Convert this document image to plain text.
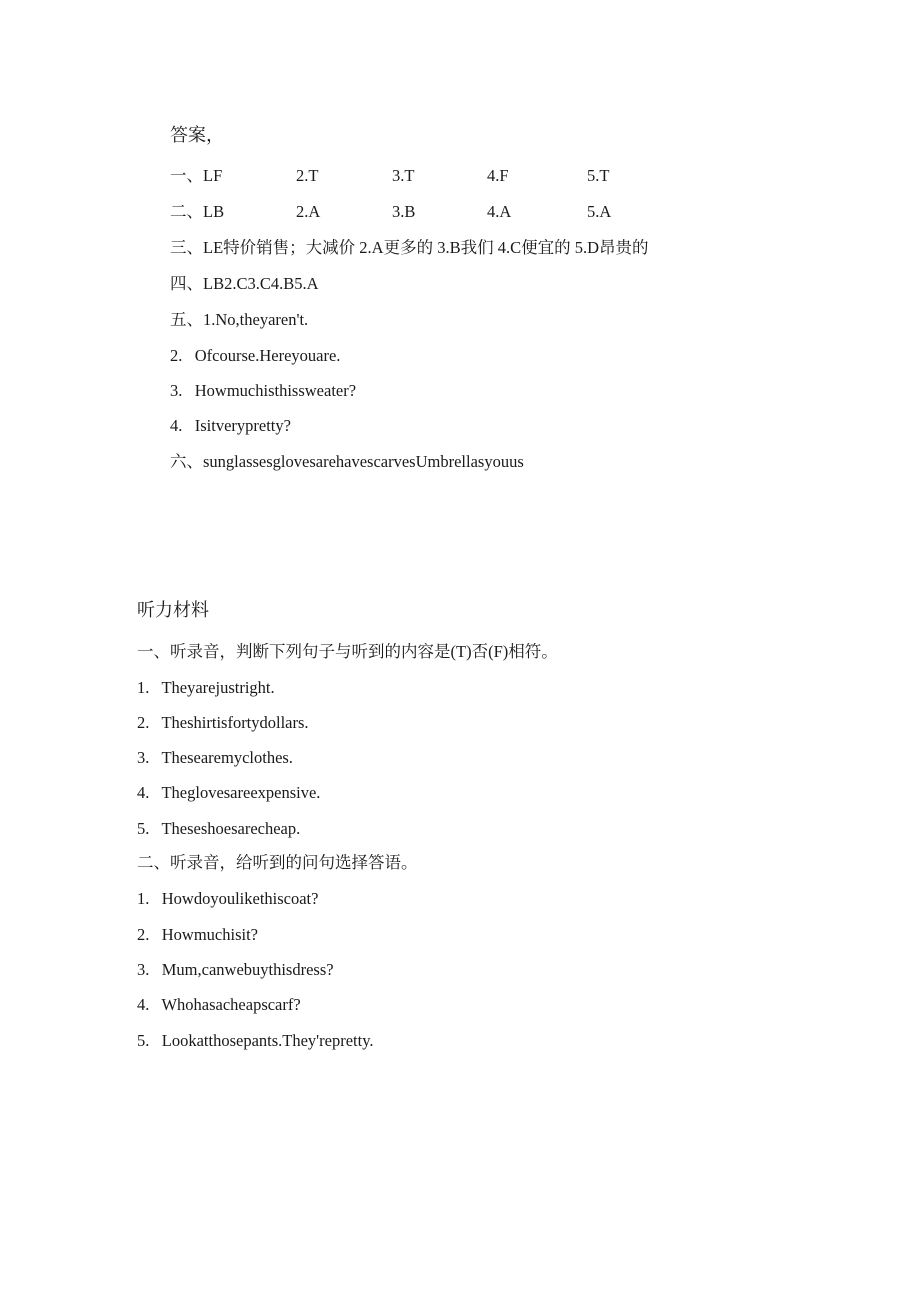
答案，
一、LF	2.T	3.T	4.F	5.T
二、LB	2.A	3.B	4.A	5.A
三、LE特价销售；大减价 2.A更多的 3.B我们 4.C便宜的 5.D昂贵的
四、LB2.C3.C4.B5.A
五、1.No,theyaren't.
2.   Ofcourse.Hereyouare.
3.   Howmuchisthissweater?
4.   Isitverypretty?
六、sunglassesglovesarehavescarvesUmbrellasyouus
听力材料
一、听录音，判断下列句子与听到的内容是(T)否(F)相符。
1.   Theyarejustright.
2.   Theshirtisfortydollars.
3.   Thesearemyclothes.
4.   Theglovesareexpensive.
5.   Theseshoesarecheap.
二、听录音，给听到的问句选择答语。
1.   Howdoyoulikethiscoat?
2.   Howmuchisit?
3.   Mum,canwebuythisdress?
4.   Whohasacheapscarf?
5.   Lookatthosepants.They'repretty.
